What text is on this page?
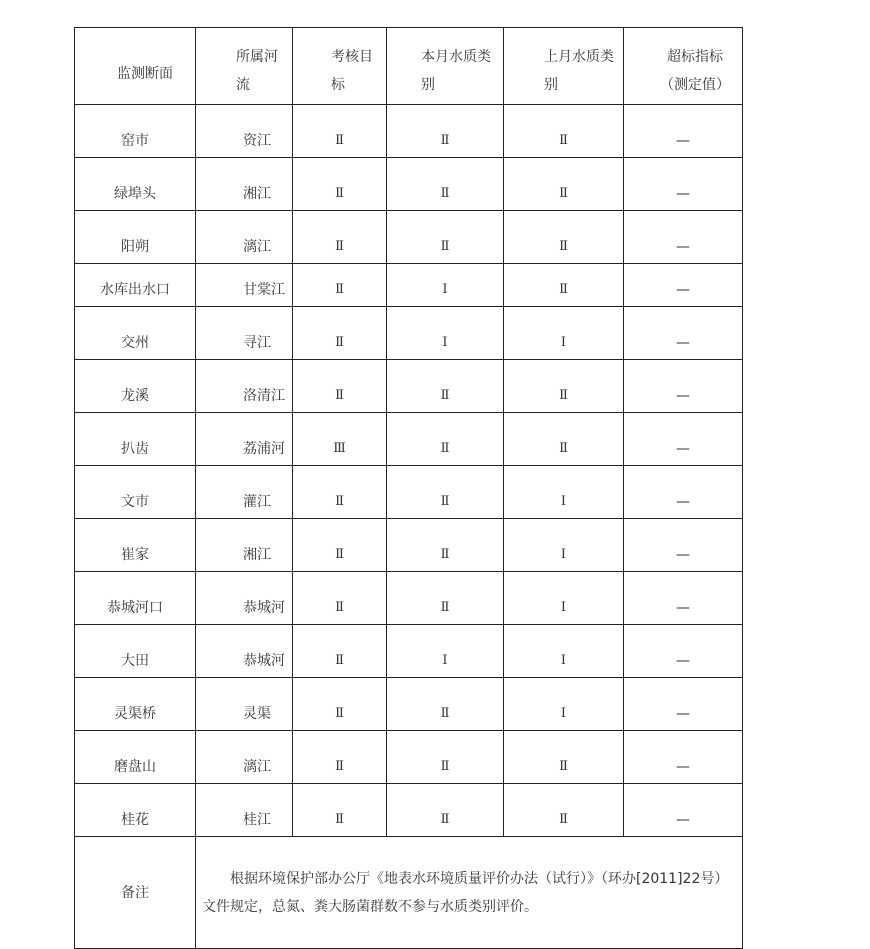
监测断面	所属河流	考核目标	本月水质类别	上月水质类别	超标指标（测定值）

窑市	资江	Ⅱ	Ⅱ	Ⅱ	—
绿埠头	湘江	Ⅱ	Ⅱ	Ⅱ	—
阳朔	漓江	Ⅱ	Ⅱ	Ⅱ	—
水库出水口	甘棠江	Ⅱ	Ⅰ	Ⅱ	—
交州	寻江	Ⅱ	Ⅰ	Ⅰ	—
龙溪	洛清江	Ⅱ	Ⅱ	Ⅱ	—
扒齿	荔浦河	Ⅲ	Ⅱ	Ⅱ	—
文市	灌江	Ⅱ	Ⅱ	Ⅰ	—
崔家	湘江	Ⅱ	Ⅱ	Ⅰ	—
恭城河口	恭城河	Ⅱ	Ⅱ	Ⅰ	—
大田	恭城河	Ⅱ	Ⅰ	Ⅰ	—
灵渠桥	灵渠	Ⅱ	Ⅱ	Ⅰ	—
磨盘山	漓江	Ⅱ	Ⅱ	Ⅱ	—
桂花	桂江	Ⅱ	Ⅱ	Ⅱ	—
备注	根据环境保护部办公厅《地表水环境质量评价办法（试行）》（环办[2011]22号）文件规定，总氮、粪大肠菌群数不参与水质类别评价。				
